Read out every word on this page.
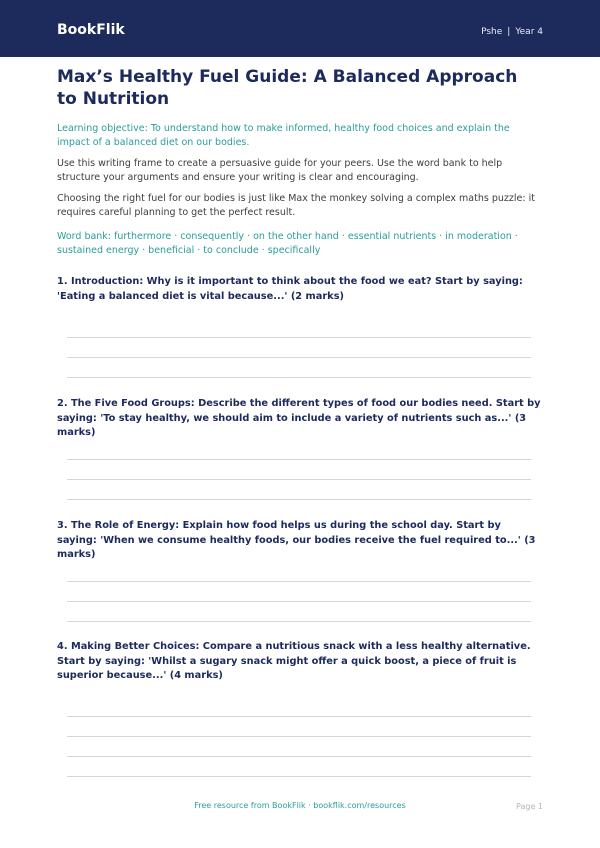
BookFlik	Pshe | Year 4
Max’s Healthy Fuel Guide: A Balanced Approach to Nutrition

Learning objective: To understand how to make informed, healthy food choices and explain the impact of a balanced diet on our bodies.

Use this writing frame to create a persuasive guide for your peers. Use the word bank to help structure your arguments and ensure your writing is clear and encouraging.

Choosing the right fuel for our bodies is just like Max the monkey solving a complex maths puzzle: it requires careful planning to get the perfect result.

Word bank: furthermore · consequently · on the other hand · essential nutrients · in moderation · sustained energy · beneficial · to conclude · specifically

1. Introduction: Why is it important to think about the food we eat? Start by saying: 'Eating a balanced diet is vital because...' (2 marks)

2. The Five Food Groups: Describe the different types of food our bodies need. Start by saying: 'To stay healthy, we should aim to include a variety of nutrients such as...' (3 marks)

3. The Role of Energy: Explain how food helps us during the school day. Start by saying: 'When we consume healthy foods, our bodies receive the fuel required to...' (3 marks)

4. Making Better Choices: Compare a nutritious snack with a less healthy alternative. Start by saying: 'Whilst a sugary snack might offer a quick boost, a piece of fruit is superior because...' (4 marks)

Free resource from BookFlik · bookflik.com/resources	Page 1
